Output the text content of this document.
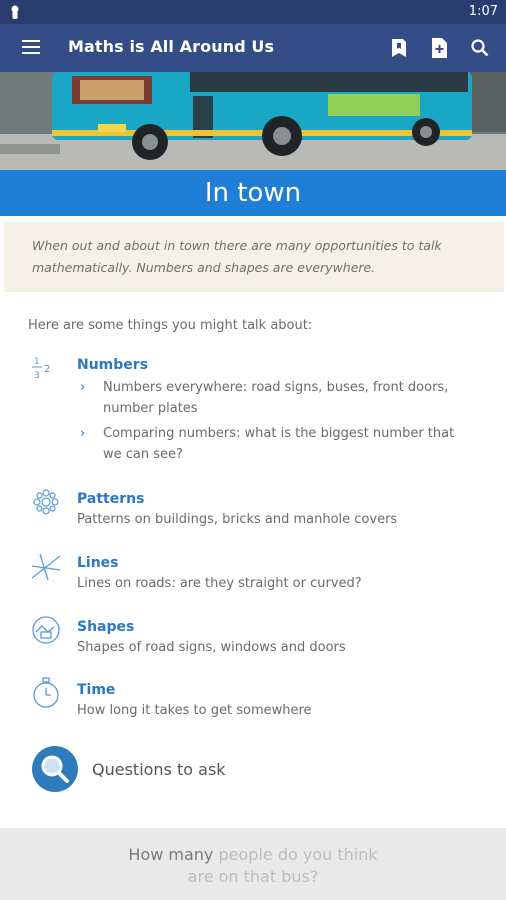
1:07
Maths is All Around Us
In town

When out and about in town there are many opportunities to talk mathematically. Numbers and shapes are everywhere.

Here are some things you might talk about:
1
3
2 Numbers
› Numbers everywhere: road signs, buses, front doors,
number plates
› Comparing numbers: what is the biggest number that
we can see?
Patterns
Patterns on buildings, bricks and manhole covers
Lines
Lines on roads: are they straight or curved?
Shapes
Shapes of road signs, windows and doors
Time
How long it takes to get somewhere
Questions to ask
How many people do you think
are on that bus?
